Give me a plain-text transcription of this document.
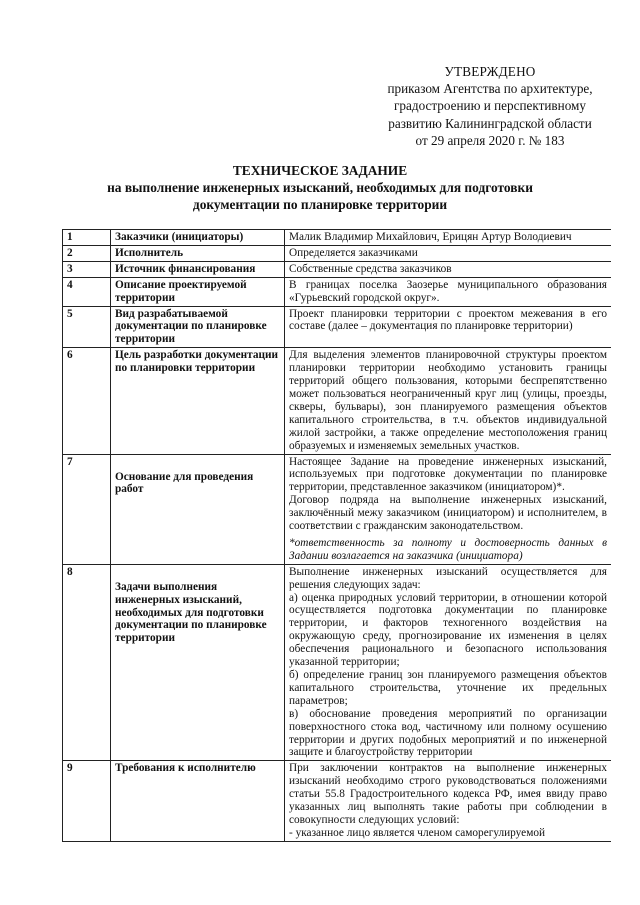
УТВЕРЖДЕНО
приказом Агентства по архитектуре,
градостроению и перспективному
развитию Калининградской области
от 29 апреля 2020 г. № 183
ТЕХНИЧЕСКОЕ ЗАДАНИЕ
на выполнение инженерных изысканий, необходимых для подготовки
документации по планировке территории
1	Заказчики (инициаторы)	Малик Владимир Михайлович, Ерицян Артур Володиевич

2	Исполнитель	Определяется заказчиками

3	Источник финансирования	Собственные средства заказчиков

4	Описание проектируемой территории	В границах поселка Заозерье муниципального образования «Гурьевский городской округ».

5	Вид разрабатываемой документации по планировке территории	Проект планировки территории с проектом межевания в его составе (далее – документация по планировке территории)

6	Цель разработки документации по планировки территории	Для выделения элементов планировочной структуры проектом планировки территории необходимо установить границы территорий общего пользования, которыми беспрепятственно может пользоваться неограниченный круг лиц (улицы, проезды, скверы, бульвары), зон планируемого размещения объектов капитального строительства, в т.ч. объектов индивидуальной жилой застройки, а также определение местоположения границ образуемых и изменяемых земельных участков.

7	Основание для проведения работ	Настоящее Задание на проведение инженерных изысканий, используемых при подготовке документации по планировке территории, представленное заказчиком (инициатором)*.

Договор подряда на выполнение инженерных изысканий, заключённый межу заказчиком (инициатором) и исполнителем, в соответствии с гражданским законодательством.

*ответственность за полноту и достоверность данных в Задании возлагается на заказчика (инициатора)

8	Задачи выполнения инженерных изысканий, необходимых для подготовки документации по планировке территории	Выполнение инженерных изысканий осуществляется для решения следующих задач:

а) оценка природных условий территории, в отношении которой осуществляется подготовка документации по планировке территории, и факторов техногенного воздействия на окружающую среду, прогнозирование их изменения в целях обеспечения рационального и безопасного использования указанной территории;

б) определение границ зон планируемого размещения объектов капитального строительства, уточнение их предельных параметров;

в) обоснование проведения мероприятий по организации поверхностного стока вод, частичному или полному осушению территории и других подобных мероприятий и по инженерной защите и благоустройству территории

9	Требования к исполнителю	При заключении контрактов на выполнение инженерных изысканий необходимо строго руководствоваться положениями статьи 55.8 Градостроительного кодекса РФ, имея ввиду право указанных лиц выполнять такие работы при соблюдении в совокупности следующих условий:

- указанное лицо является членом саморегулируемой
